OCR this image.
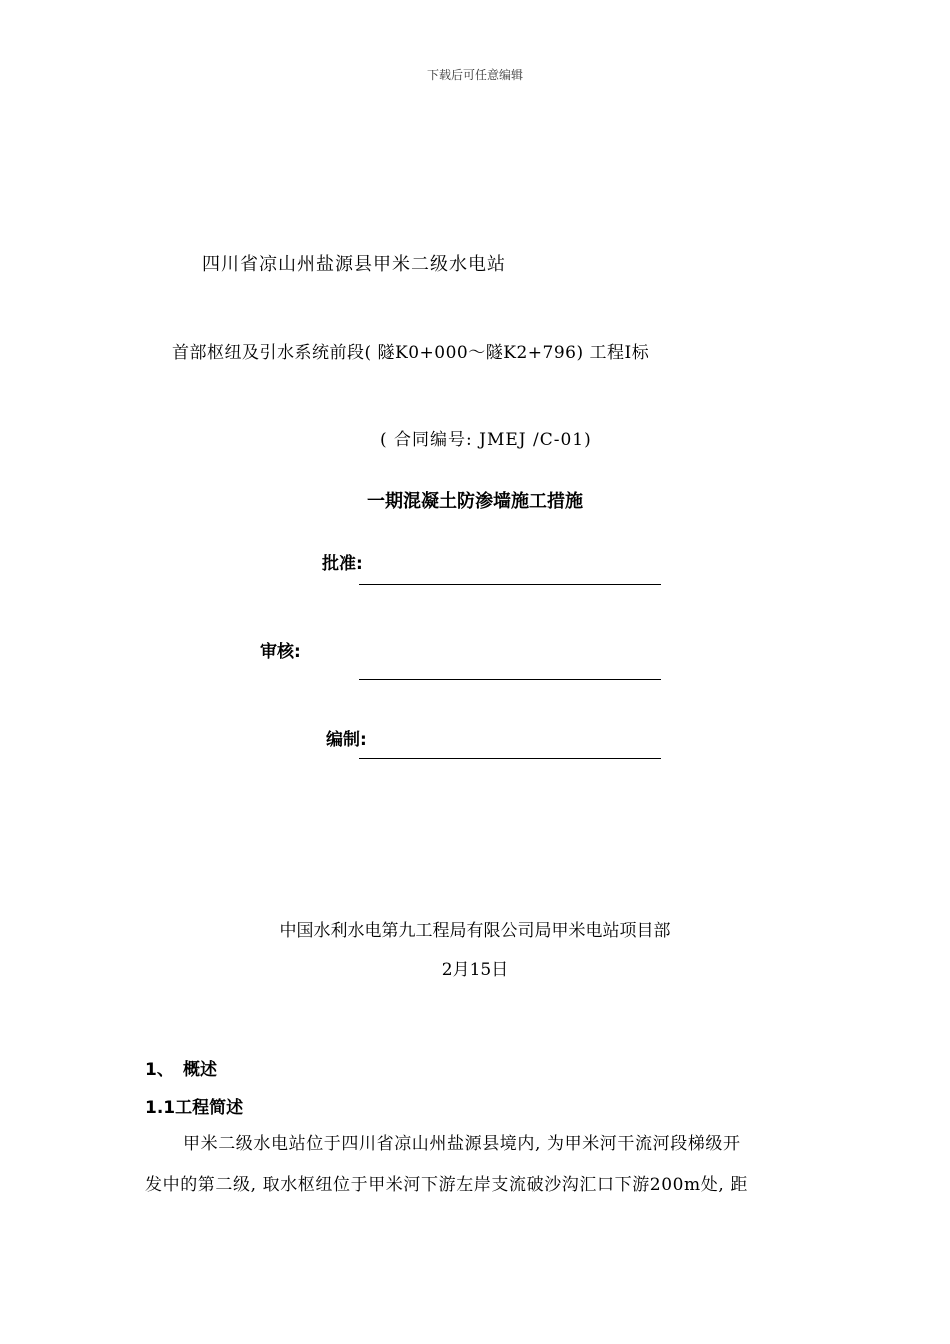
下载后可任意编辑
四川省凉山州盐源县甲米二级水电站
首部枢纽及引水系统前段( 隧K0+000～隧K2+796) 工程Ⅰ标
( 合同编号: JMEJ /C-01)
一期混凝土防渗墙施工措施
批准:
审核:
编制:
中国水利水电第九工程局有限公司局甲米电站项目部
2月15日
1、 概述
1.1工程简述
甲米二级水电站位于四川省凉山州盐源县境内, 为甲米河干流河段梯级开
发中的第二级, 取水枢纽位于甲米河下游左岸支流破沙沟汇口下游200m处, 距
